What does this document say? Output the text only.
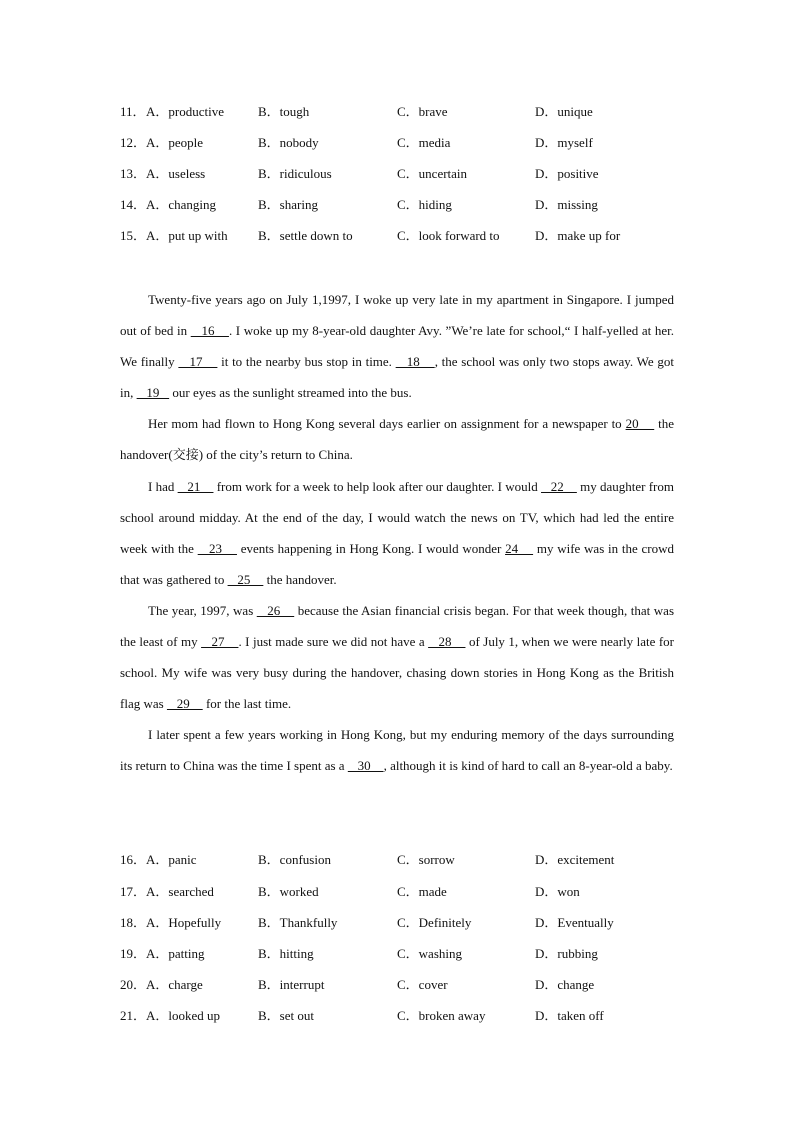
11． A．productive	B．tough	C．brave	D．unique
12． A．people	B．nobody	C．media	D．myself
13． A．useless	B．ridiculous	C．uncertain	D．positive
14． A．changing	B．sharing	C．hiding	D．missing
15． A．put up with B．settle down to	C．look forward to	D．make up for

Twenty-five years ago on July 1,1997, I woke up very late in my apartment in Singapore. I jumped out of bed in    16    . I woke up my 8-year-old daughter Avy. ”We’re late for school,“ I half-yelled at her. We finally    17     it to the nearby bus stop in time.    18    , the school was only two stops away. We got in,    19    our eyes as the sunlight streamed into the bus.

Her mom had flown to Hong Kong several days earlier on assignment for a newspaper to 20     the handover(交接) of the city’s return to China.

I had    21     from work for a week to help look after our daughter. I would    22     my daughter from school around midday. At the end of the day, I would watch the news on TV, which had led the entire week with the    23     events happening in Hong Kong. I would wonder 24     my wife was in the crowd that was gathered to    25     the handover.

The year, 1997, was    26     because the Asian financial crisis began. For that week though, that was the least of my    27    . I just made sure we did not have a    28     of July 1, when we were nearly late for school. My wife was very busy during the handover, chasing down stories in Hong Kong as the British flag was    29     for the last time.

I later spent a few years working in Hong Kong, but my enduring memory of the days surrounding its return to China was the time I spent as a    30    , although it is kind of hard to call an 8-year-old a baby.

16． A．panic	B．confusion	C．sorrow	D．excitement
17． A．searched	B．worked	C．made	D．won
18． A．Hopefully	B．Thankfully	C．Definitely	D．Eventually
19． A．patting	B．hitting	C．washing	D．rubbing
20． A．charge	B．interrupt	C．cover	D．change
21． A．looked up	B．set out	C．broken away	D．taken off
